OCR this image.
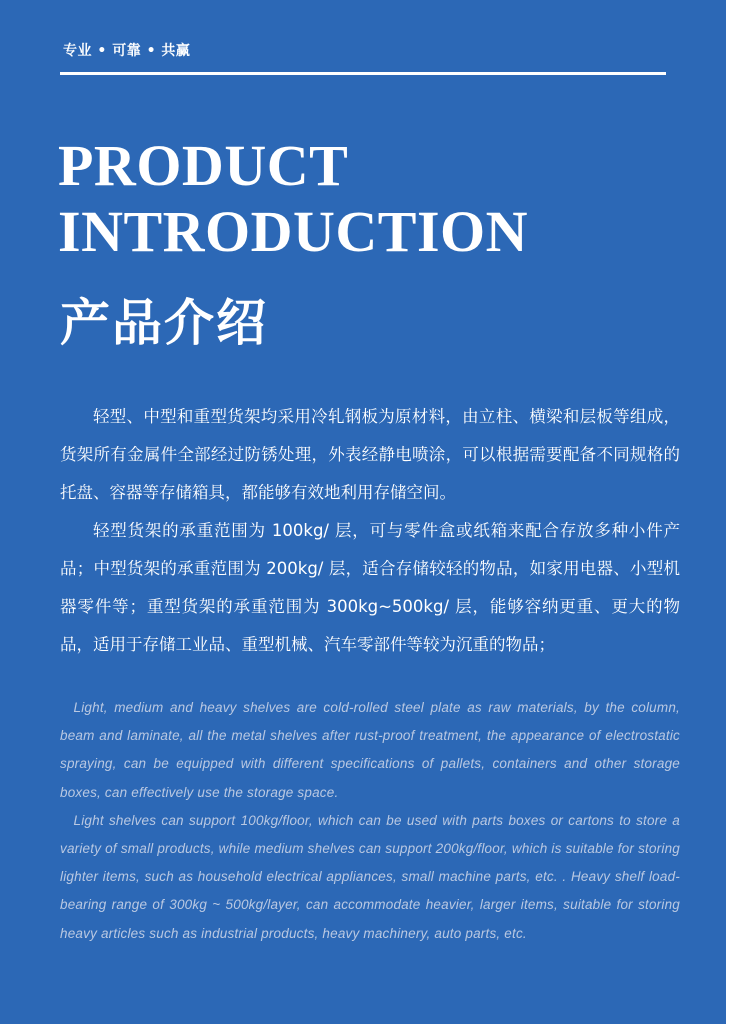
专业 • 可靠 • 共赢
PRODUCT
INTRODUCTION
产品介绍

轻型、中型和重型货架均采用冷轧钢板为原材料，由立柱、横梁和层板等组成，货架所有金属件全部经过防锈处理，外表经静电喷涂，可以根据需要配备不同规格的托盘、容器等存储箱具，都能够有效地利用存储空间。

轻型货架的承重范围为 100kg/ 层，可与零件盒或纸箱来配合存放多种小件产品；中型货架的承重范围为 200kg/ 层，适合存储较轻的物品，如家用电器、小型机器零件等；重型货架的承重范围为 300kg~500kg/ 层，能够容纳更重、更大的物品，适用于存储工业品、重型机械、汽车零部件等较为沉重的物品；

Light, medium and heavy shelves are cold-rolled steel plate as raw materials, by the column, beam and laminate, all the metal shelves after rust-proof treatment, the appearance of electrostatic spraying, can be equipped with different specifications of pallets, containers and other storage boxes, can effectively use the storage space.

Light shelves can support 100kg/floor, which can be used with parts boxes or cartons to store a variety of small products, while medium shelves can support 200kg/floor, which is suitable for storing lighter items, such as household electrical appliances, small machine parts, etc. . Heavy shelf load-bearing range of 300kg ~ 500kg/layer, can accommodate heavier, larger items, suitable for storing heavy articles such as industrial products, heavy machinery, auto parts, etc.
